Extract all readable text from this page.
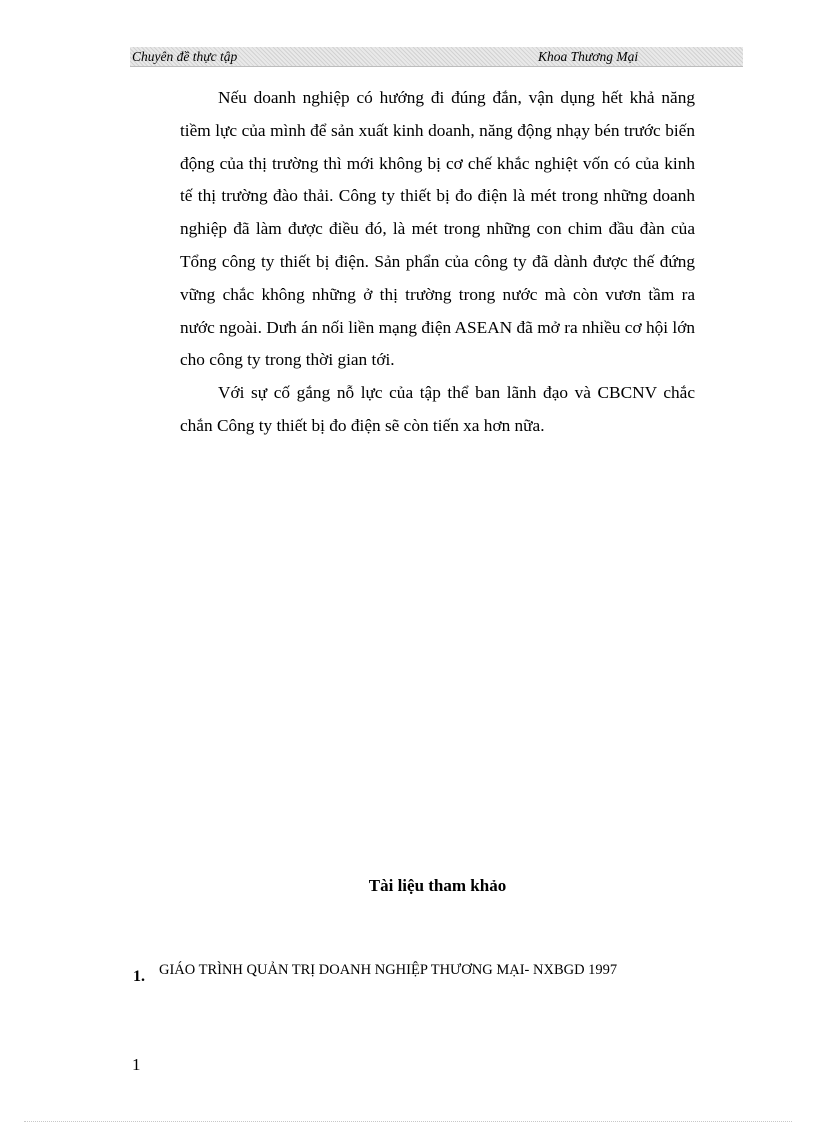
Chuyên đề thực tập	Khoa Thương Mại

Nếu doanh nghiệp có hướng đi đúng đắn, vận dụng hết khả năng tiềm lực của mình để sản xuất kinh doanh, năng động nhạy bén trước biến động của thị trường thì mới không bị cơ chế khắc nghiệt vốn có của kinh tế thị trường đào thải. Công ty thiết bị đo điện là mét trong những doanh nghiệp đã làm được điều đó, là mét trong những con chim đầu đàn của Tổng công ty thiết bị điện. Sản phẩn của công ty đã dành được thế đứng vững chắc không những ở thị trường trong nước mà còn vươn tầm ra nước ngoài. Dưh án nối liền mạng điện ASEAN đã mở ra nhiều cơ hội lớn cho công ty trong thời gian tới.

Với sự cố gắng nỗ lực của tập thể ban lãnh đạo và CBCNV chắc chắn Công ty thiết bị đo điện sẽ còn tiến xa hơn nữa.

Tài liệu tham khảo
1. GIÁO TRÌNH QUẢN TRỊ DOANH NGHIỆP THƯƠNG MẠI- NXBGD 1997
1
